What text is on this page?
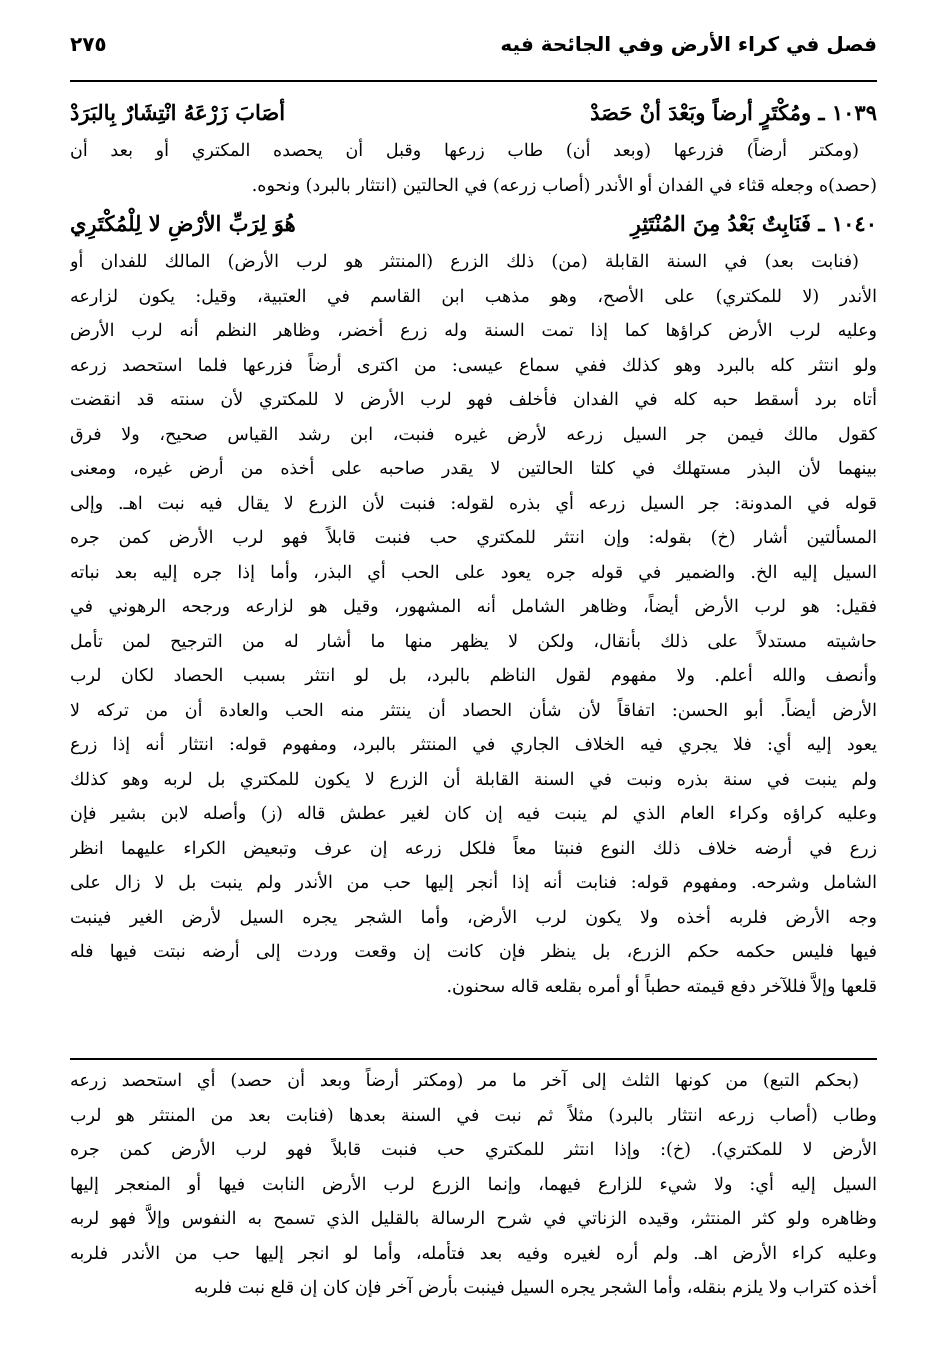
فصل في كراء الأرض وفي الجائحة فيه
٢٧٥
١٠٣٩ ـ ومُكْتَرٍ أرضاً وبَعْدَ أنْ حَصَدْ
أصَابَ زَرْعَهُ انْتِشَارٌ بِالبَرَدْ
(ومكتر أرضاً) فزرعها (وبعد أن) طاب زرعها وقبل أن يحصده المكتري أو بعد أن
(حصد)ه وجعله قثاء في الفدان أو الأندر (أصاب زرعه) في الحالتين (انتثار بالبرد) ونحوه.
١٠٤٠ ـ فَنَابِتٌ بَعْدُ مِنَ المُنْتَثِرِ
هُوَ لِرَبِّ الأرْضِ لا لِلْمُكْتَرِي
(فنابت بعد) في السنة القابلة (من) ذلك الزرع (المنتثر هو لرب الأرض) المالك للفدان أو
الأندر (لا للمكتري) على الأصح، وهو مذهب ابن القاسم في العتبية، وقيل: يكون لزارعه
وعليه لرب الأرض كراؤها كما إذا تمت السنة وله زرع أخضر، وظاهر النظم أنه لرب الأرض
ولو انتثر كله بالبرد وهو كذلك ففي سماع عيسى: من اكترى أرضاً فزرعها فلما استحصد زرعه
أتاه برد أسقط حبه كله في الفدان فأخلف فهو لرب الأرض لا للمكتري لأن سنته قد انقضت
كقول مالك فيمن جر السيل زرعه لأرض غيره فنبت، ابن رشد القياس صحيح، ولا فرق
بينهما لأن البذر مستهلك في كلتا الحالتين لا يقدر صاحبه على أخذه من أرض غيره، ومعنى
قوله في المدونة: جر السيل زرعه أي بذره لقوله: فنبت لأن الزرع لا يقال فيه نبت اهـ. وإلى
المسألتين أشار (خ) بقوله: وإن انتثر للمكتري حب فنبت قابلاً فهو لرب الأرض كمن جره
السيل إليه الخ. والضمير في قوله جره يعود على الحب أي البذر، وأما إذا جره إليه بعد نباته
فقيل: هو لرب الأرض أيضاً، وظاهر الشامل أنه المشهور، وقيل هو لزارعه ورجحه الرهوني في
حاشيته مستدلاً على ذلك بأنقال، ولكن لا يظهر منها ما أشار له من الترجيح لمن تأمل
وأنصف والله أعلم. ولا مفهوم لقول الناظم بالبرد، بل لو انتثر بسبب الحصاد لكان لرب
الأرض أيضاً. أبو الحسن: اتفاقاً لأن شأن الحصاد أن ينتثر منه الحب والعادة أن من تركه لا
يعود إليه أي: فلا يجري فيه الخلاف الجاري في المنتثر بالبرد، ومفهوم قوله: انتثار أنه إذا زرع
ولم ينبت في سنة بذره ونبت في السنة القابلة أن الزرع لا يكون للمكتري بل لربه وهو كذلك
وعليه كراؤه وكراء العام الذي لم ينبت فيه إن كان لغير عطش قاله (ز) وأصله لابن بشير فإن
زرع في أرضه خلاف ذلك النوع فنبتا معاً فلكل زرعه إن عرف وتبعيض الكراء عليهما انظر
الشامل وشرحه. ومفهوم قوله: فنابت أنه إذا أنجر إليها حب من الأندر ولم ينبت بل لا زال على
وجه الأرض فلربه أخذه ولا يكون لرب الأرض، وأما الشجر يجره السيل لأرض الغير فينبت
فيها فليس حكمه حكم الزرع، بل ينظر فإن كانت إن وقعت وردت إلى أرضه نبتت فيها فله
قلعها وإلاَّ فللآخر دفع قيمته حطباً أو أمره بقلعه قاله سحنون.
(بحكم التبع) من كونها الثلث إلى آخر ما مر (ومكتر أرضاً وبعد أن حصد) أي استحصد زرعه
وطاب (أصاب زرعه انتثار بالبرد) مثلاً ثم نبت في السنة بعدها (فنابت بعد من المنتثر هو لرب
الأرض لا للمكتري). (خ): وإذا انتثر للمكتري حب فنبت قابلاً فهو لرب الأرض كمن جره
السيل إليه أي: ولا شيء للزارع فيهما، وإنما الزرع لرب الأرض النابت فيها أو المنعجر إليها
وظاهره ولو كثر المنتثر، وقيده الزناتي في شرح الرسالة بالقليل الذي تسمح به النفوس وإلاَّ فهو لربه
وعليه كراء الأرض اهـ. ولم أره لغيره وفيه بعد فتأمله، وأما لو انجر إليها حب من الأندر فلربه
أخذه كتراب ولا يلزم بنقله، وأما الشجر يجره السيل فينبت بأرض آخر فإن كان إن قلع نبت فلربه
